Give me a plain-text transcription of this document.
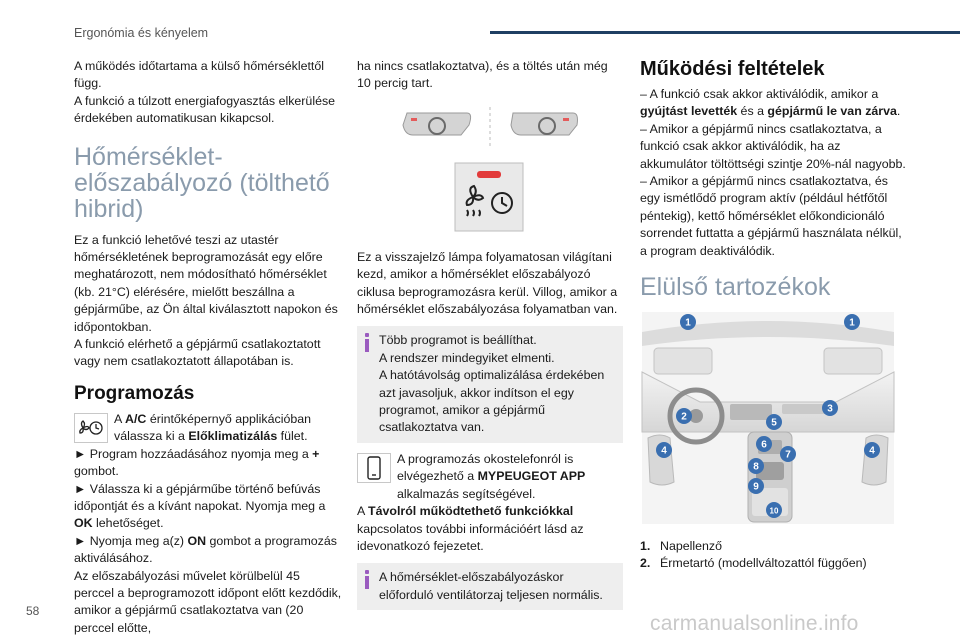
Ergonómia és kényelem

A működés időtartama a külső hőmérséklettől függ.

A funkció a túlzott energiafogyasztás elkerülése érdekében automatikusan kikapcsol.

Hőmérséklet-előszabályozó (tölthető hibrid)

Ez a funkció lehetővé teszi az utastér hőmérsékletének beprogramozását egy előre meghatározott, nem módosítható hőmérséklet (kb. 21°C) elérésére, mielőtt beszállna a gépjárműbe, az Ön által kiválasztott napokon és időpontokban.

A funkció elérhető a gépjármű csatlakoztatott vagy nem csatlakoztatott állapotában is.

Programozás

A A/C érintőképernyő applikációban válassza ki a Előklimatizálás fület.

► Program hozzáadásához nyomja meg a + gombot.

► Válassza ki a gépjárműbe történő befúvás időpontját és a kívánt napokat. Nyomja meg a OK lehetőséget.

► Nyomja meg a(z) ON gombot a programozás aktiválásához.

Az előszabályozási művelet körülbelül 45 perccel a beprogramozott időpont előtt kezdődik, amikor a gépjármű csatlakoztatva van (20 perccel előtte,

ha nincs csatlakoztatva), és a töltés után még 10 percig tart.

Ez a visszajelző lámpa folyamatosan világítani kezd, amikor a hőmérséklet előszabályozó ciklusa beprogramozásra kerül. Villog, amikor a hőmérséklet előszabályozása folyamatban van.

Több programot is beállíthat.
A rendszer mindegyiket elmenti.
A hatótávolság optimalizálása érdekében azt javasoljuk, akkor indítson el egy programot, amikor a gépjármű csatlakoztatva van.

A programozás okostelefonról is elvégezhető a MYPEUGEOT APP alkalmazás segítségével.

A Távolról működtethető funkciókkal kapcsolatos további információért lásd az idevonatkozó fejezetet.

A hőmérséklet-előszabályozáskor előforduló ventilátorzaj teljesen normális.

Működési feltételek

– A funkció csak akkor aktiválódik, amikor a gyújtást levették és a gépjármű le van zárva.

– Amikor a gépjármű nincs csatlakoztatva, a funkció csak akkor aktiválódik, ha az akkumulátor töltöttségi szintje 20%-nál nagyobb.

– Amikor a gépjármű nincs csatlakoztatva, és egy ismétlődő program aktív (például hétfőtől péntekig), kettő hőmérséklet előkondicionáló sorrendet futtatta a gépjármű használata nélkül, a program deaktiválódik.

Elülső tartozékok
1	1
2
3
4	4
5
6
7
8
9
10

1. Napellenző

2. Érmetartó (modellváltozattól függően)

58
carmanualsonline.info
